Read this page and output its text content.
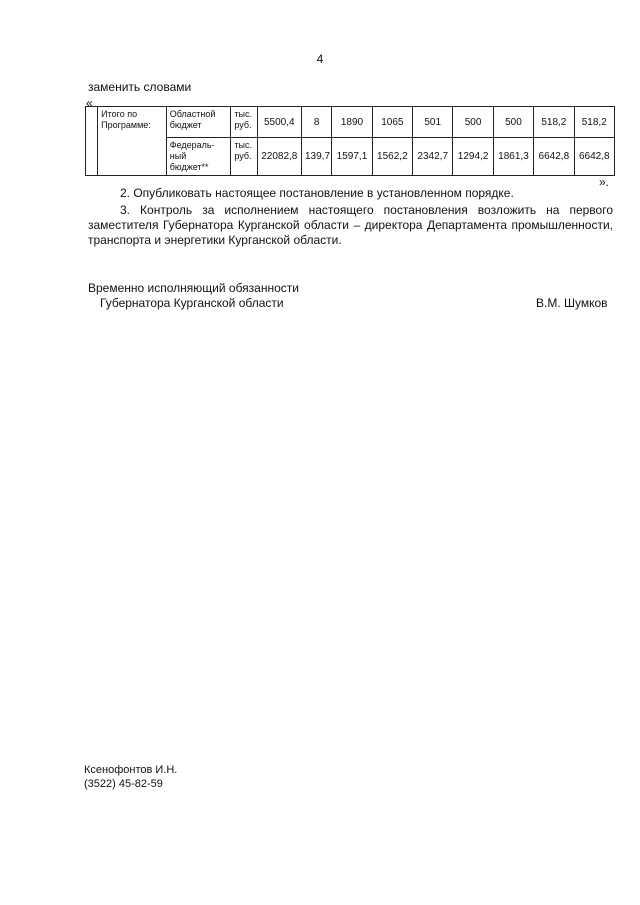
4
заменить словами
«
	Итого по Программе:	Областной бюджет	тыс. руб.	5500,4	8	1890	1065	501	500	500	518,2	518,2
		Федераль-ный бюджет**	тыс. руб.	22082,8	139,7	1597,1	1562,2	2342,7	1294,2	1861,3	6642,8	6642,8
».
2. Опубликовать настоящее постановление в установленном порядке.
3. Контроль за исполнением настоящего постановления возложить на первого заместителя Губернатора Курганской области – директора Департамента промышленности, транспорта и энергетики Курганской области.
Временно исполняющий обязанности
Губернатора Курганской области	В.М. Шумков
Ксенофонтов И.Н.
(3522) 45-82-59
